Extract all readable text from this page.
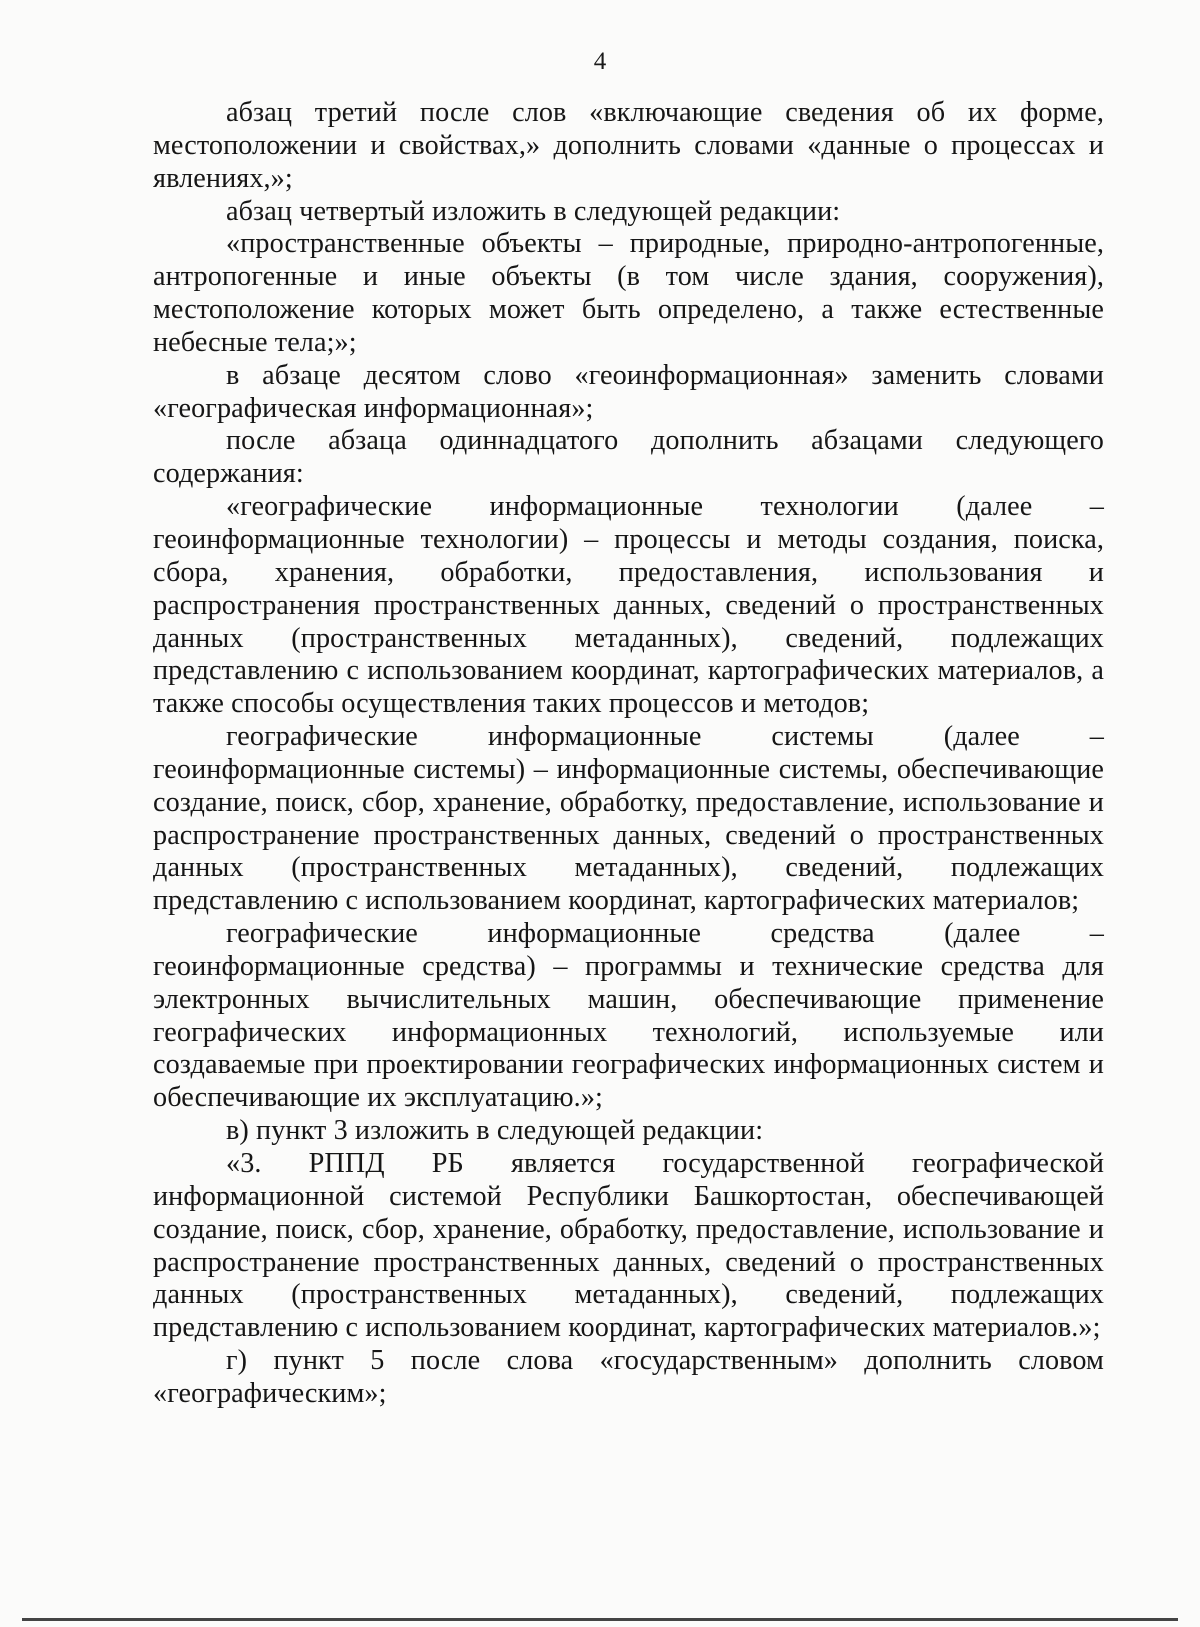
4

абзац третий после слов «включающие сведения об их форме, местоположении и свойствах,» дополнить словами «данные о процессах и явлениях,»;

абзац четвертый изложить в следующей редакции:

«пространственные объекты – природные, природно-антропогенные, антропогенные и иные объекты (в том числе здания, сооружения), местоположение которых может быть определено, а также естественные небесные тела;»;

в абзаце десятом слово «геоинформационная» заменить словами «географическая информационная»;

после абзаца одиннадцатого дополнить абзацами следующего содержания:

«географические информационные технологии (далее – геоинформационные технологии) – процессы и методы создания, поиска, сбора, хранения, обработки, предоставления, использования и распространения пространственных данных, сведений о пространственных данных (пространственных метаданных), сведений, подлежащих представлению с использованием координат, картографических материалов, а также способы осуществления таких процессов и методов;

географические информационные системы (далее – геоинформационные системы) – информационные системы, обеспечивающие создание, поиск, сбор, хранение, обработку, предоставление, использование и распространение пространственных данных, сведений о пространственных данных (пространственных метаданных), сведений, подлежащих представлению с использованием координат, картографических материалов;

географические информационные средства (далее – геоинформационные средства) – программы и технические средства для электронных вычислительных машин, обеспечивающие применение географических информационных технологий, используемые или создаваемые при проектировании географических информационных систем и обеспечивающие их эксплуатацию.»;

в) пункт 3 изложить в следующей редакции:

«3. РППД РБ является государственной географической информационной системой Республики Башкортостан, обеспечивающей создание, поиск, сбор, хранение, обработку, предоставление, использование и распространение пространственных данных, сведений о пространственных данных (пространственных метаданных), сведений, подлежащих представлению с использованием координат, картографических материалов.»;

г) пункт 5 после слова «государственным» дополнить словом «географическим»;
